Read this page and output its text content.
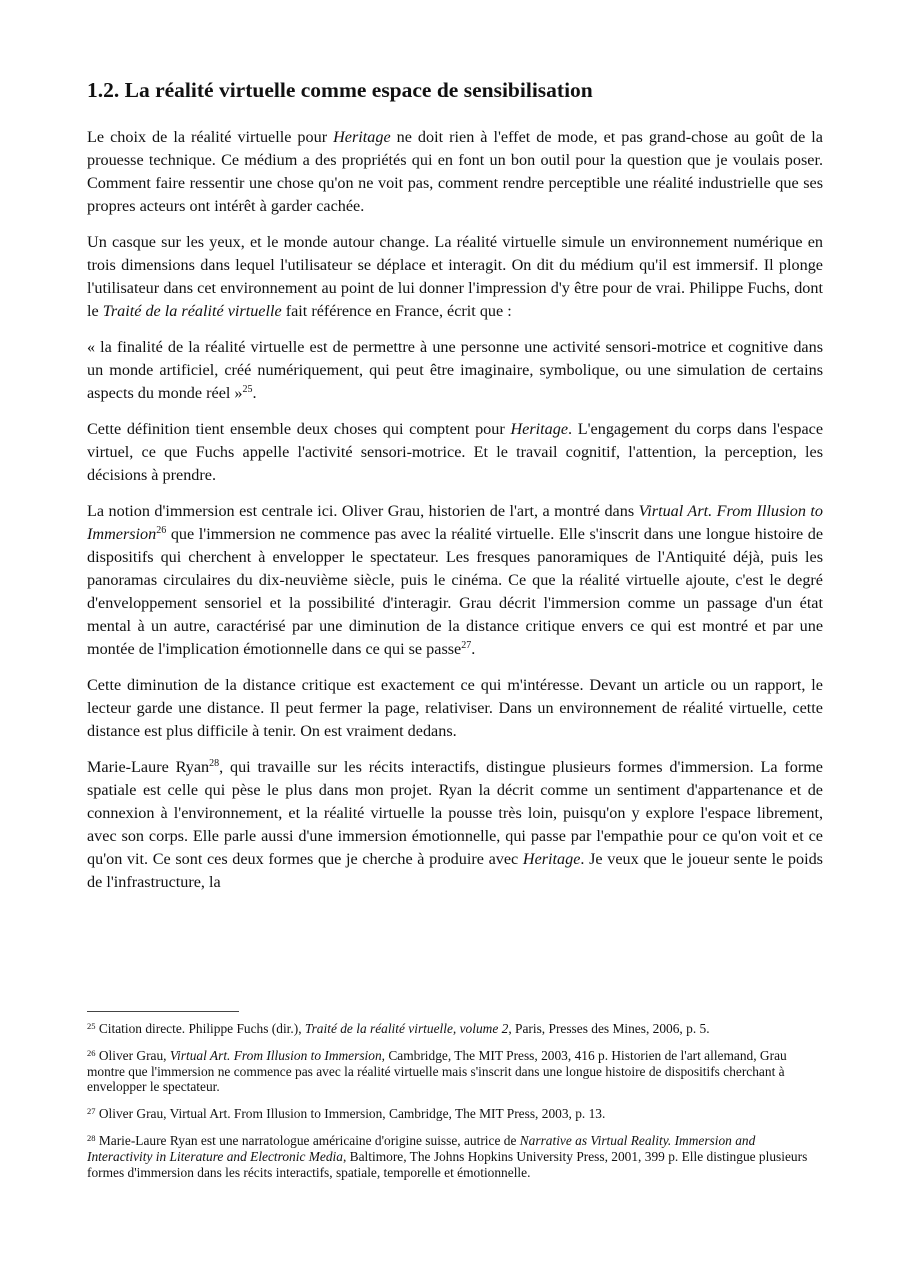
1.2. La réalité virtuelle comme espace de sensibilisation

Le choix de la réalité virtuelle pour Heritage ne doit rien à l'effet de mode, et pas grand-chose au goût de la prouesse technique. Ce médium a des propriétés qui en font un bon outil pour la question que je voulais poser. Comment faire ressentir une chose qu'on ne voit pas, comment rendre perceptible une réalité industrielle que ses propres acteurs ont intérêt à garder cachée.

Un casque sur les yeux, et le monde autour change. La réalité virtuelle simule un environnement numérique en trois dimensions dans lequel l'utilisateur se déplace et interagit. On dit du médium qu'il est immersif. Il plonge l'utilisateur dans cet environnement au point de lui donner l'impression d'y être pour de vrai. Philippe Fuchs, dont le Traité de la réalité virtuelle fait référence en France, écrit que :

« la finalité de la réalité virtuelle est de permettre à une personne une activité sensori-motrice et cognitive dans un monde artificiel, créé numériquement, qui peut être imaginaire, symbolique, ou une simulation de certains aspects du monde réel »$^{25}$.

Cette définition tient ensemble deux choses qui comptent pour Heritage. L'engagement du corps dans l'espace virtuel, ce que Fuchs appelle l'activité sensori-motrice. Et le travail cognitif, l'attention, la perception, les décisions à prendre.

La notion d'immersion est centrale ici. Oliver Grau, historien de l'art, a montré dans Virtual Art. From Illusion to Immersion$^{26}$ que l'immersion ne commence pas avec la réalité virtuelle. Elle s'inscrit dans une longue histoire de dispositifs qui cherchent à envelopper le spectateur. Les fresques panoramiques de l'Antiquité déjà, puis les panoramas circulaires du dix-neuvième siècle, puis le cinéma. Ce que la réalité virtuelle ajoute, c'est le degré d'enveloppement sensoriel et la possibilité d'interagir. Grau décrit l'immersion comme un passage d'un état mental à un autre, caractérisé par une diminution de la distance critique envers ce qui est montré et par une montée de l'implication émotionnelle dans ce qui se passe$^{27}$.

Cette diminution de la distance critique est exactement ce qui m'intéresse. Devant un article ou un rapport, le lecteur garde une distance. Il peut fermer la page, relativiser. Dans un environnement de réalité virtuelle, cette distance est plus difficile à tenir. On est vraiment dedans.

Marie-Laure Ryan$^{28}$, qui travaille sur les récits interactifs, distingue plusieurs formes d'immersion. La forme spatiale est celle qui pèse le plus dans mon projet. Ryan la décrit comme un sentiment d'appartenance et de connexion à l'environnement, et la réalité virtuelle la pousse très loin, puisqu'on y explore l'espace librement, avec son corps. Elle parle aussi d'une immersion émotionnelle, qui passe par l'empathie pour ce qu'on voit et ce qu'on vit. Ce sont ces deux formes que je cherche à produire avec Heritage. Je veux que le joueur sente le poids de l'infrastructure, la

$^{25}$ Citation directe. Philippe Fuchs (dir.), Traité de la réalité virtuelle, volume 2, Paris, Presses des Mines, 2006, p. 5.

$^{26}$ Oliver Grau, Virtual Art. From Illusion to Immersion, Cambridge, The MIT Press, 2003, 416 p. Historien de l'art allemand, Grau montre que l'immersion ne commence pas avec la réalité virtuelle mais s'inscrit dans une longue histoire de dispositifs cherchant à envelopper le spectateur.

$^{27}$ Oliver Grau, Virtual Art. From Illusion to Immersion, Cambridge, The MIT Press, 2003, p. 13.

$^{28}$ Marie-Laure Ryan est une narratologue américaine d'origine suisse, autrice de Narrative as Virtual Reality. Immersion and Interactivity in Literature and Electronic Media, Baltimore, The Johns Hopkins University Press, 2001, 399 p. Elle distingue plusieurs formes d'immersion dans les récits interactifs, spatiale, temporelle et émotionnelle.
